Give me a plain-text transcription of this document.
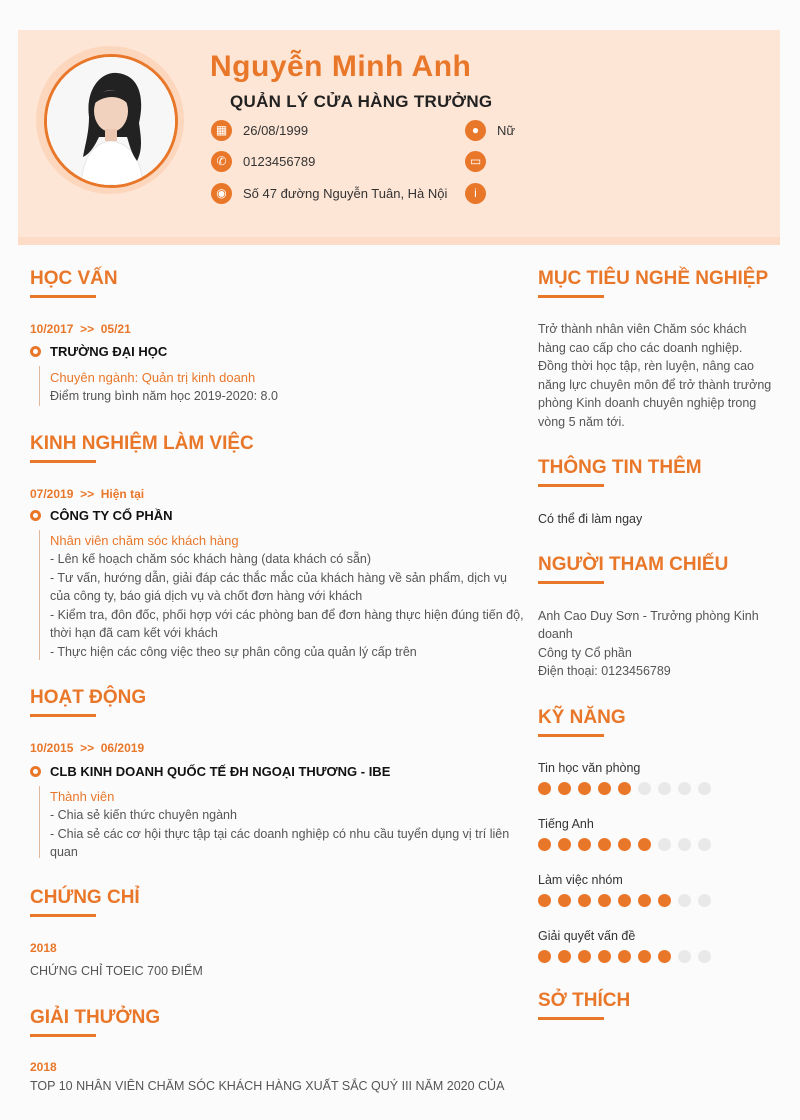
Nguyễn Minh Anh
QUẢN LÝ CỬA HÀNG TRƯỞNG
▦	26/08/1999
✆	0123456789
◉	Số 47 đường Nguyễn Tuân, Hà Nội
●	Nữ
▭
i
HỌC VẤN
10/2017 >> 05/21
TRƯỜNG ĐẠI HỌC
Chuyên ngành: Quản trị kinh doanh
Điểm trung bình năm học 2019-2020: 8.0
KINH NGHIỆM LÀM VIỆC
07/2019 >> Hiện tại
CÔNG TY CỔ PHẦN
Nhân viên chăm sóc khách hàng
- Lên kế hoạch chăm sóc khách hàng (data khách có sẵn)
- Tư vấn, hướng dẫn, giải đáp các thắc mắc của khách hàng về sản phẩm, dịch vụ
của công ty, báo giá dịch vụ và chốt đơn hàng với khách
- Kiểm tra, đôn đốc, phối hợp với các phòng ban để đơn hàng thực hiện đúng tiến độ,
thời hạn đã cam kết với khách
- Thực hiện các công việc theo sự phân công của quản lý cấp trên
HOẠT ĐỘNG
10/2015 >> 06/2019
CLB KINH DOANH QUỐC TẾ ĐH NGOẠI THƯƠNG - IBE
Thành viên
- Chia sẻ kiến thức chuyên ngành
- Chia sẻ các cơ hội thực tập tại các doanh nghiệp có nhu cầu tuyển dụng vị trí liên
quan
CHỨNG CHỈ
2018
CHỨNG CHỈ TOEIC 700 ĐIỂM
GIẢI THƯỞNG
2018
TOP 10 NHÂN VIÊN CHĂM SÓC KHÁCH HÀNG XUẤT SẮC QUÝ III NĂM 2020 CỦA
MỤC TIÊU NGHỀ NGHIỆP
Trở thành nhân viên Chăm sóc khách
hàng cao cấp cho các doanh nghiệp.
Đồng thời học tập, rèn luyện, nâng cao
năng lực chuyên môn để trở thành trưởng
phòng Kinh doanh chuyên nghiệp trong
vòng 5 năm tới.
THÔNG TIN THÊM
Có thể đi làm ngay
NGƯỜI THAM CHIẾU
Anh Cao Duy Sơn - Trưởng phòng Kinh
doanh
Công ty Cổ phần
Điện thoại: 0123456789
KỸ NĂNG
Tin học văn phòng
Tiếng Anh
Làm việc nhóm
Giải quyết vấn đề
SỞ THÍCH
